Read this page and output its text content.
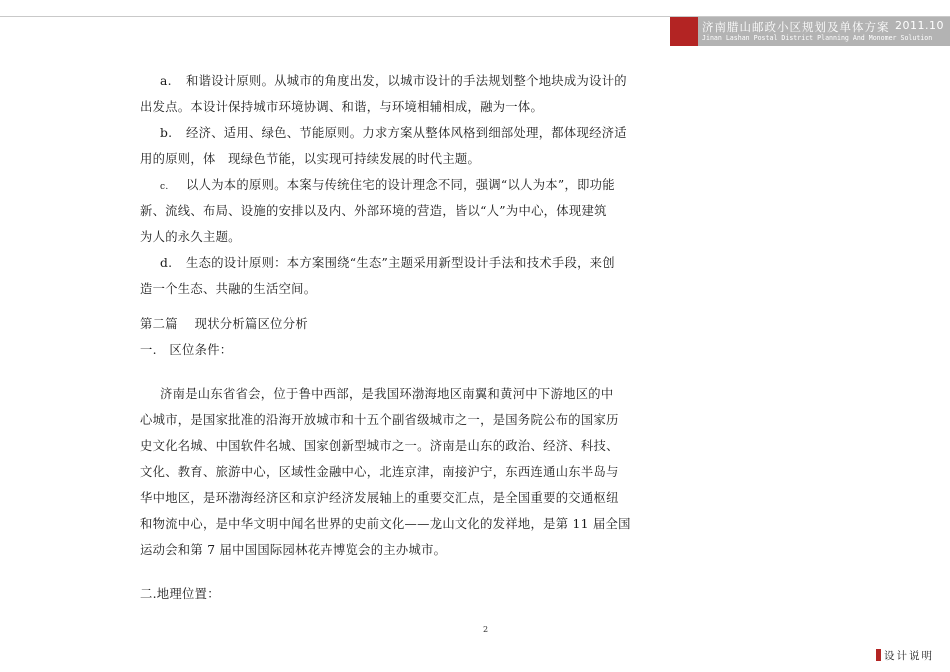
济南腊山邮政小区规划及单体方案 2011.10
Jinan Lashan Postal District Planning And Monomer Solution
a. 和谐设计原则。从城市的角度出发，以城市设计的手法规划整个地块成为设计的
出发点。本设计保持城市环境协调、和谐，与环境相辅相成，融为一体。
b. 经济、适用、绿色、节能原则。力求方案从整体风格到细部处理，都体现经济适
用的原则，体　现绿色节能，以实现可持续发展的时代主题。
c. 以人为本的原则。本案与传统住宅的设计理念不同，强调“以人为本”，即功能
新、流线、布局、设施的安排以及内、外部环境的营造，皆以“人”为中心，体现建筑
为人的永久主题。
d. 生态的设计原则：本方案围绕“生态”主题采用新型设计手法和技术手段，来创
造一个生态、共融的生活空间。
第二篇　 现状分析篇区位分析
一.　区位条件：
济南是山东省省会，位于鲁中西部，是我国环渤海地区南翼和黄河中下游地区的中
心城市，是国家批准的沿海开放城市和十五个副省级城市之一，是国务院公布的国家历
史文化名城、中国软件名城、国家创新型城市之一。济南是山东的政治、经济、科技、
文化、教育、旅游中心，区域性金融中心，北连京津，南接沪宁，东西连通山东半岛与
华中地区，是环渤海经济区和京沪经济发展轴上的重要交汇点，是全国重要的交通枢纽
和物流中心，是中华文明中闻名世界的史前文化——龙山文化的发祥地，是第 11 届全国
运动会和第 7 届中国国际园林花卉博览会的主办城市。
二.地理位置：
2
设计说明
